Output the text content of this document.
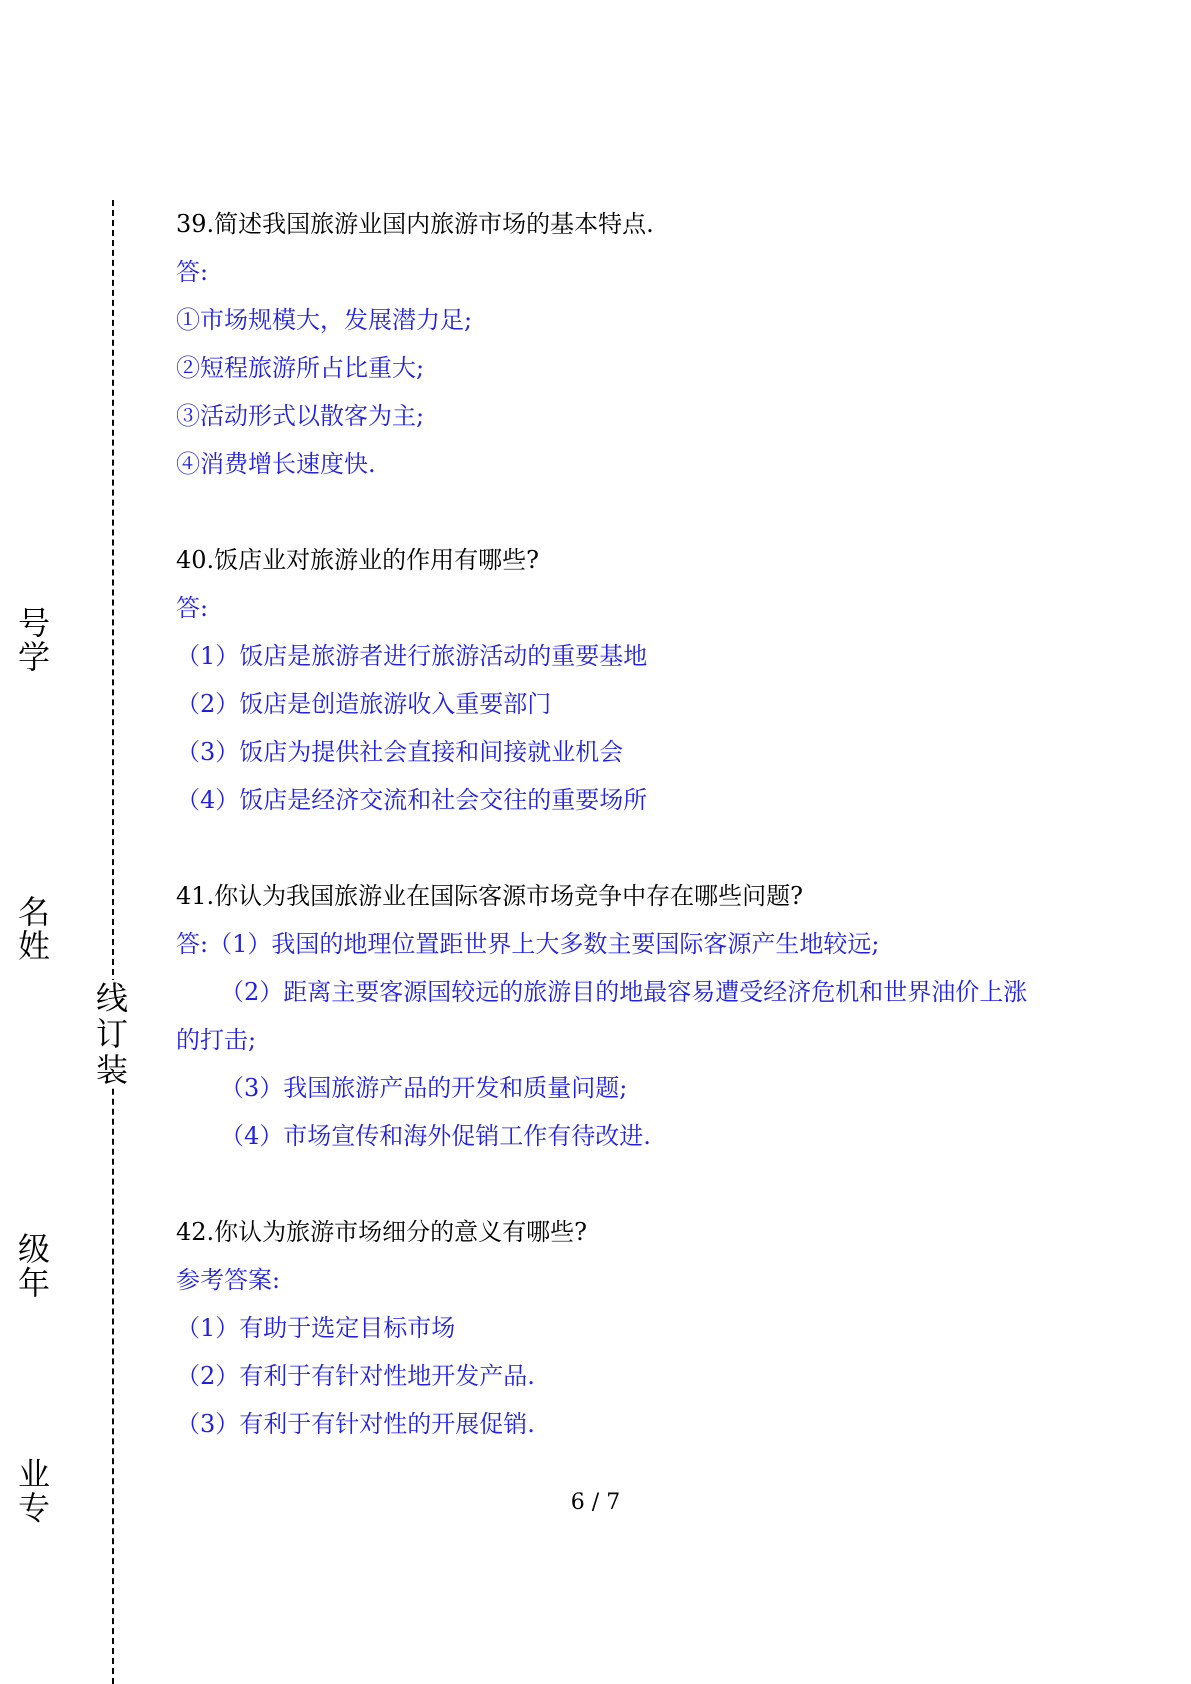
线
订
装
号
学
名
姓
级
年
业
专
39.简述我国旅游业国内旅游市场的基本特点.
答:
①市场规模大，发展潜力足;
②短程旅游所占比重大;
③活动形式以散客为主;
④消费增长速度快.
40.饭店业对旅游业的作用有哪些?
答:
（1）饭店是旅游者进行旅游活动的重要基地
（2）饭店是创造旅游收入重要部门
（3）饭店为提供社会直接和间接就业机会
（4）饭店是经济交流和社会交往的重要场所
41.你认为我国旅游业在国际客源市场竞争中存在哪些问题?
答:（1）我国的地理位置距世界上大多数主要国际客源产生地较远;
（2）距离主要客源国较远的旅游目的地最容易遭受经济危机和世界油价上涨
的打击;
（3）我国旅游产品的开发和质量问题;
（4）市场宣传和海外促销工作有待改进.
42.你认为旅游市场细分的意义有哪些?
参考答案:
（1）有助于选定目标市场
（2）有利于有针对性地开发产品.
（3）有利于有针对性的开展促销.
6 / 7
